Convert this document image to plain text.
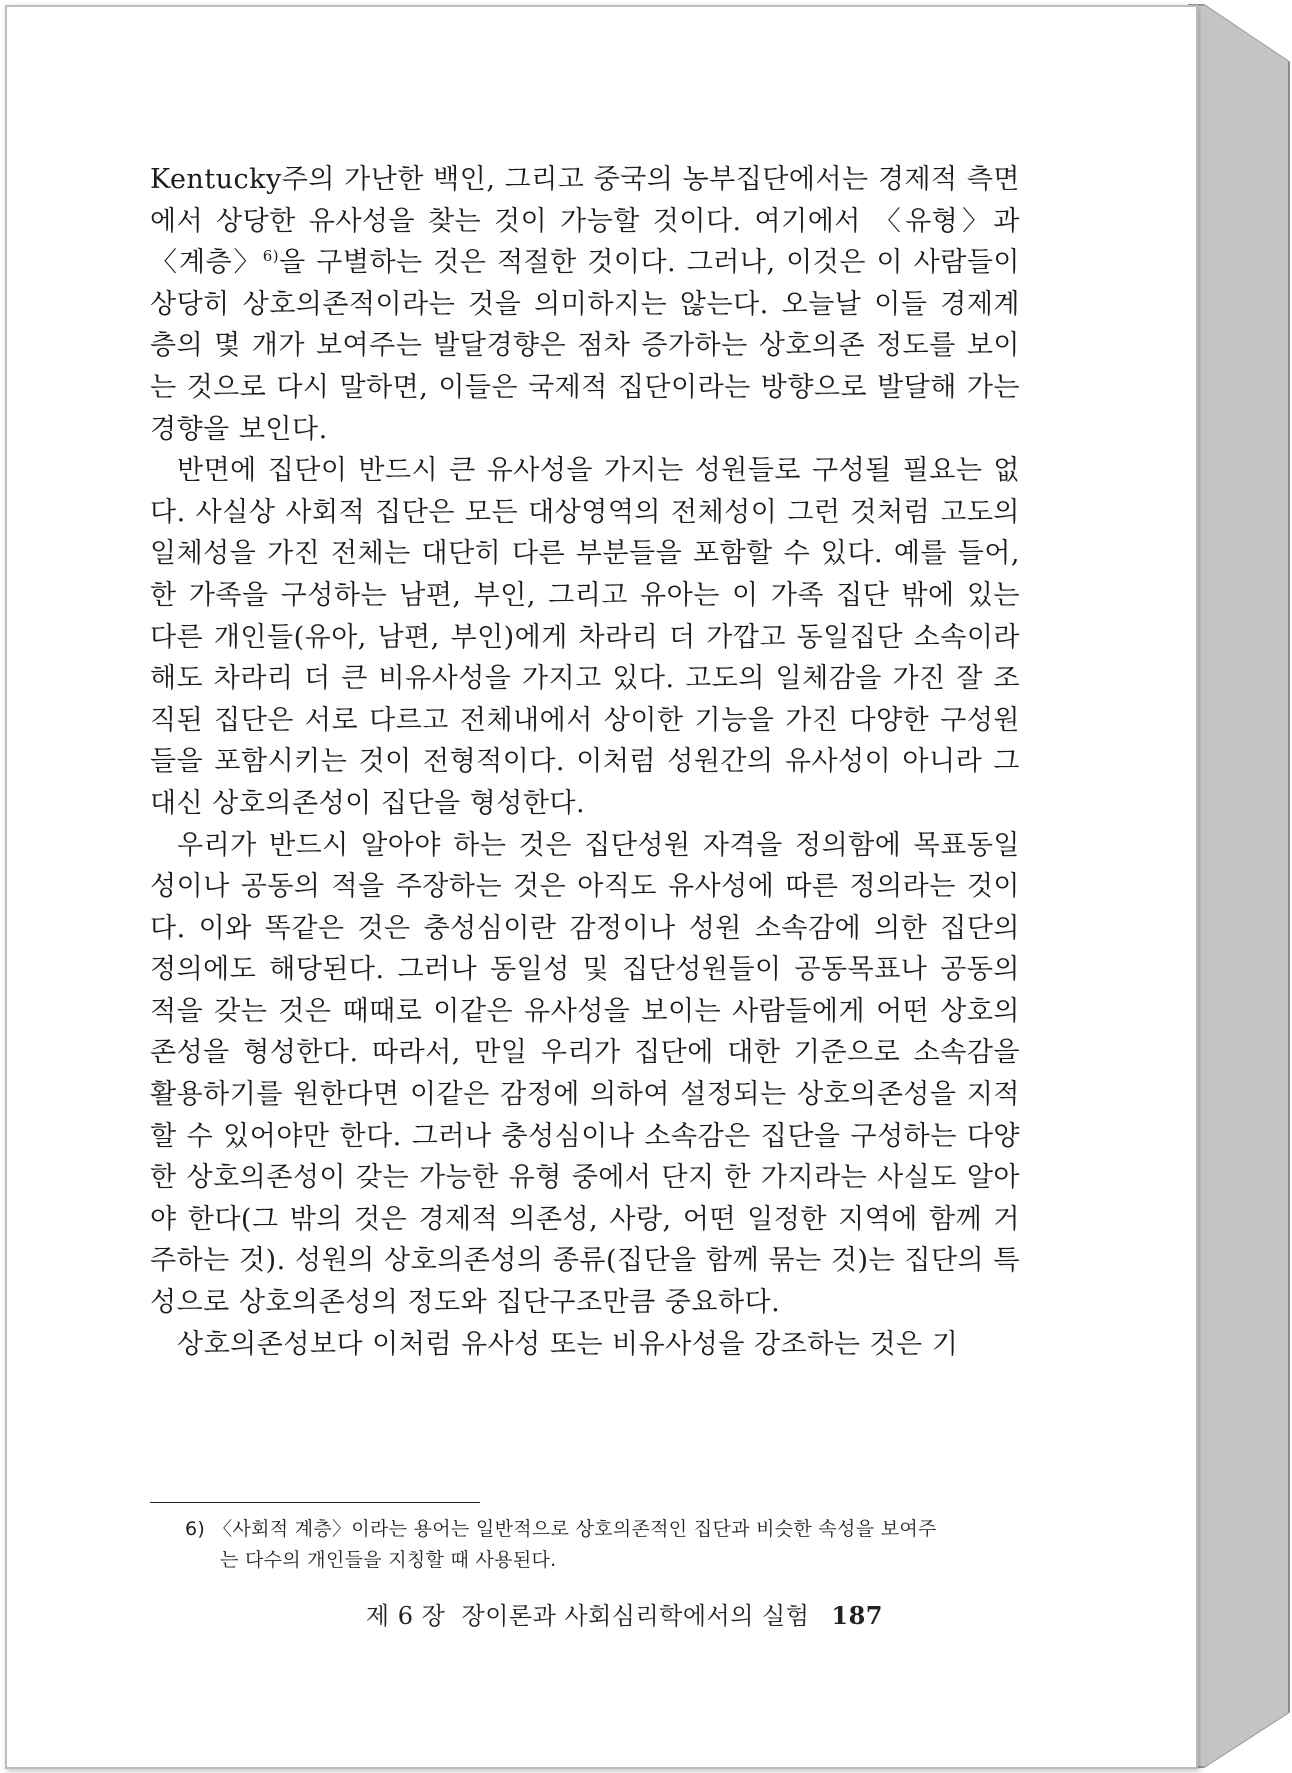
Kentucky주의 가난한 백인, 그리고 중국의 농부집단에서는 경제적 측면에서 상당한 유사성을 찾는 것이 가능할 것이다. 여기에서 〈유형〉과 〈계층〉$^{6)}$을 구별하는 것은 적절한 것이다. 그러나, 이것은 이 사람들이 상당히 상호의존적이라는 것을 의미하지는 않는다. 오늘날 이들 경제계층의 몇 개가 보여주는 발달경향은 점차 증가하는 상호의존 정도를 보이는 것으로 다시 말하면, 이들은 국제적 집단이라는 방향으로 발달해 가는 경향을 보인다.

반면에 집단이 반드시 큰 유사성을 가지는 성원들로 구성될 필요는 없다. 사실상 사회적 집단은 모든 대상영역의 전체성이 그런 것처럼 고도의 일체성을 가진 전체는 대단히 다른 부분들을 포함할 수 있다. 예를 들어, 한 가족을 구성하는 남편, 부인, 그리고 유아는 이 가족 집단 밖에 있는 다른 개인들(유아, 남편, 부인)에게 차라리 더 가깝고 동일집단 소속이라 해도 차라리 더 큰 비유사성을 가지고 있다. 고도의 일체감을 가진 잘 조직된 집단은 서로 다르고 전체내에서 상이한 기능을 가진 다양한 구성원들을 포함시키는 것이 전형적이다. 이처럼 성원간의 유사성이 아니라 그 대신 상호의존성이 집단을 형성한다.

우리가 반드시 알아야 하는 것은 집단성원 자격을 정의함에 목표동일성이나 공동의 적을 주장하는 것은 아직도 유사성에 따른 정의라는 것이다. 이와 똑같은 것은 충성심이란 감정이나 성원 소속감에 의한 집단의 정의에도 해당된다. 그러나 동일성 및 집단성원들이 공동목표나 공동의 적을 갖는 것은 때때로 이같은 유사성을 보이는 사람들에게 어떤 상호의존성을 형성한다. 따라서, 만일 우리가 집단에 대한 기준으로 소속감을 활용하기를 원한다면 이같은 감정에 의하여 설정되는 상호의존성을 지적할 수 있어야만 한다. 그러나 충성심이나 소속감은 집단을 구성하는 다양한 상호의존성이 갖는 가능한 유형 중에서 단지 한 가지라는 사실도 알아야 한다(그 밖의 것은 경제적 의존성, 사랑, 어떤 일정한 지역에 함께 거주하는 것). 성원의 상호의존성의 종류(집단을 함께 묶는 것)는 집단의 특성으로 상호의존성의 정도와 집단구조만큼 중요하다.

상호의존성보다 이처럼 유사성 또는 비유사성을 강조하는 것은 기

6) 〈사회적 계층〉이라는 용어는 일반적으로 상호의존적인 집단과 비슷한 속성을 보여주
는 다수의 개인들을 지칭할 때 사용된다.
제 6 장  장이론과 사회심리학에서의 실험 187
